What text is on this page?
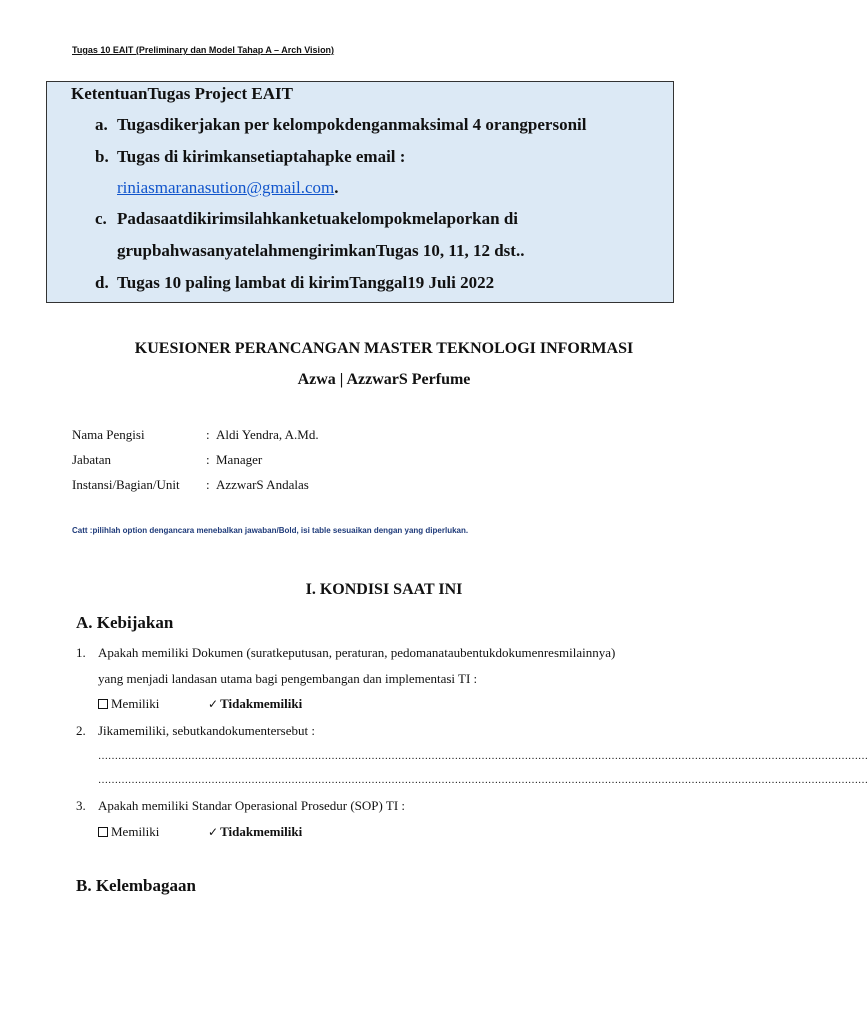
Tugas 10 EAIT (Preliminary dan Model Tahap A – Arch Vision)
KetentuanTugas Project EAIT
a. Tugasdikerjakan per kelompokdenganmaksimal 4 orangpersonil
b. Tugas di kirimkansetiaptahapke email :
riniasmaranasution@gmail.com.
c. Padasaatdikirimsilahkanketuakelompokmelaporkan di
grupbahwasanyatelahmengirimkanTugas 10, 11, 12 dst..
d. Tugas 10 paling lambat di kirimTanggal19 Juli 2022
KUESIONER PERANCANGAN MASTER TEKNOLOGI INFORMASI
Azwa | AzzwarS Perfume
Nama Pengisi	: Aldi Yendra, A.Md.
Jabatan	: Manager
Instansi/Bagian/Unit : AzzwarS Andalas
Catt :pilihlah option dengancara menebalkan jawaban/Bold, isi table sesuaikan dengan yang diperlukan.
I. KONDISI SAAT INI
A. Kebijakan
1. Apakah memiliki Dokumen (suratkeputusan, peraturan, pedomanataubentukdokumenresmilainnya)
yang menjadi landasan utama bagi pengembangan dan implementasi TI :
Memiliki	✓ Tidakmemiliki
2. Jikamemiliki, sebutkandokumentersebut :
……………………………………………………………………………………………………………………………………………………………………………………………………………
……………………………………………………………………………………………………………………………………………………………………………………………………………
3. Apakah memiliki Standar Operasional Prosedur (SOP) TI :
Memiliki	✓ Tidakmemiliki
B. Kelembagaan
